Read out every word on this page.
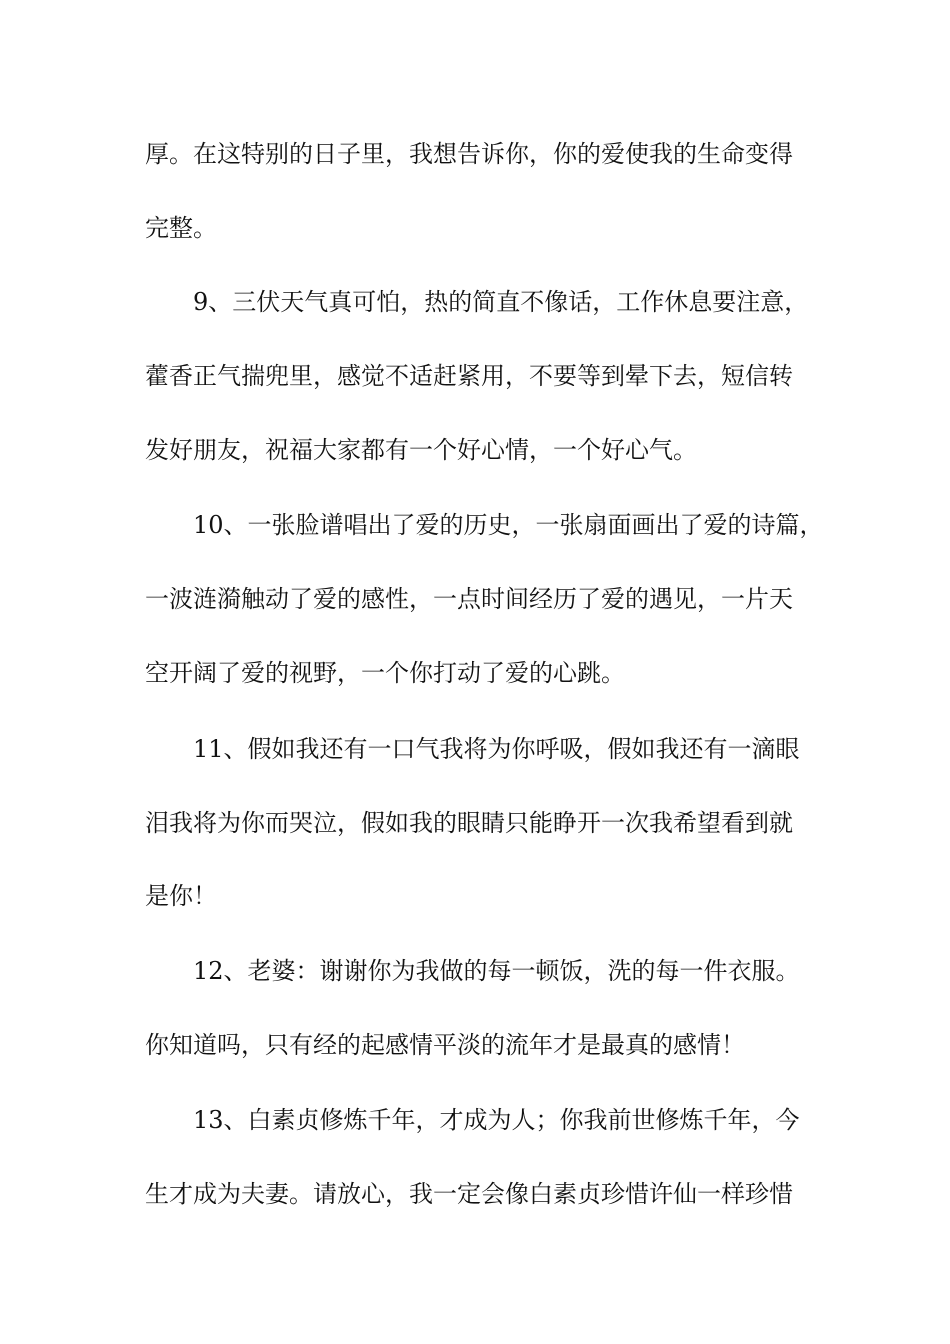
厚。在这特别的日子里，我想告诉你，你的爱使我的生命变得
完整。
9、三伏天气真可怕，热的简直不像话，工作休息要注意，
藿香正气揣兜里，感觉不适赶紧用，不要等到晕下去，短信转
发好朋友，祝福大家都有一个好心情，一个好心气。
10、一张脸谱唱出了爱的历史，一张扇面画出了爱的诗篇，
一波涟漪触动了爱的感性，一点时间经历了爱的遇见，一片天
空开阔了爱的视野，一个你打动了爱的心跳。
11、假如我还有一口气我将为你呼吸，假如我还有一滴眼
泪我将为你而哭泣，假如我的眼睛只能睁开一次我希望看到就
是你！
12、老婆：谢谢你为我做的每一顿饭，洗的每一件衣服。
你知道吗，只有经的起感情平淡的流年才是最真的感情！
13、白素贞修炼千年，才成为人；你我前世修炼千年，今
生才成为夫妻。请放心，我一定会像白素贞珍惜许仙一样珍惜
